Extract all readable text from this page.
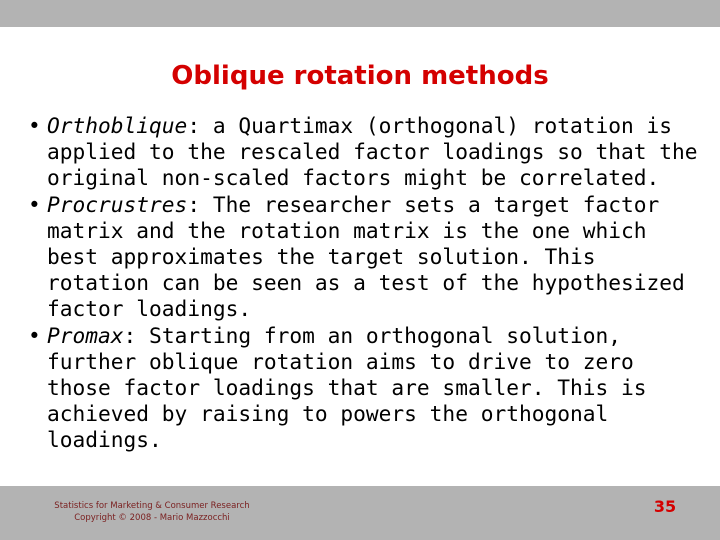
Oblique rotation methods
• Orthoblique: a Quartimax (orthogonal) rotation is applied to the rescaled factor loadings so that the original non-scaled factors might be correlated.
• Procrustres: The researcher sets a target factor matrix and the rotation matrix is the one which best approximates the target solution. This rotation can be seen as a test of the hypothesized factor loadings.
• Promax: Starting from an orthogonal solution, further oblique rotation aims to drive to zero those factor loadings that are smaller. This is achieved by raising to powers the orthogonal loadings.
Statistics for Marketing & Consumer Research
Copyright © 2008 - Mario Mazzocchi
35
